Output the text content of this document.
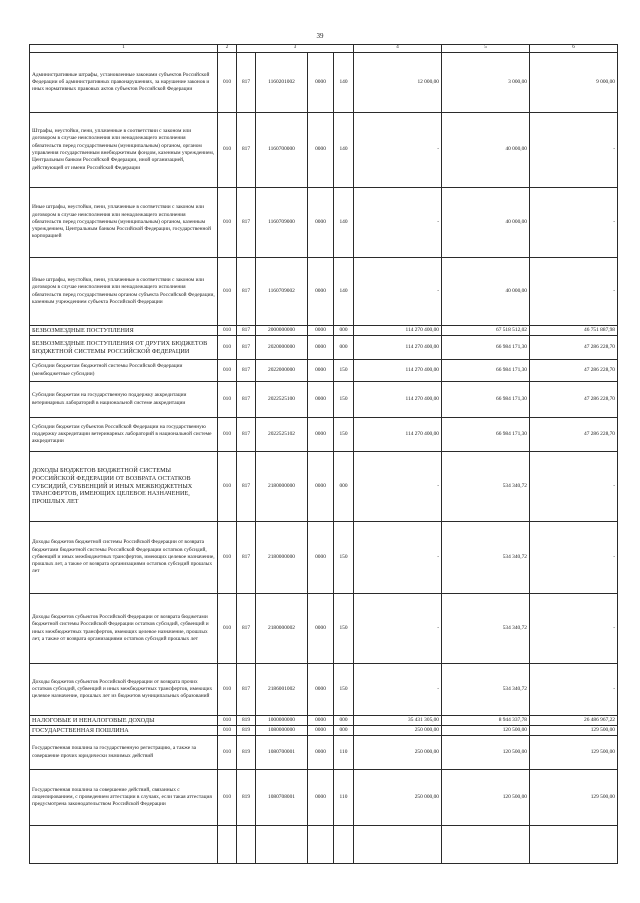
39
1	2	3				4	5	6
Административные штрафы, установленные законами субъектов Российской Федерации об административных правонарушениях, за нарушение законов и иных нормативных правовых актов субъектов Российской Федерации	010	817	1160201002	0000	140	12 000,00	3 000,00	9 000,00
Штрафы, неустойки, пени, уплаченные в соответствии с законом или договором в случае неисполнения или ненадлежащего исполнения обязательств перед государственным (муниципальным) органом, органом управления государственным внебюджетным фондом, казенным учреждением, Центральным банком Российской Федерации, иной организацией, действующей от имени Российской Федерации	010	817	1160700000	0000	140	-	40 000,00	-
Иные штрафы, неустойки, пени, уплаченные в соответствии с законом или договором в случае неисполнения или ненадлежащего исполнения обязательств перед государственным (муниципальным) органом, казенным учреждением, Центральным банком Российской Федерации, государственной корпорацией	010	817	1160709000	0000	140	-	40 000,00	-
Иные штрафы, неустойки, пени, уплаченные в соответствии с законом или договором в случае неисполнения или ненадлежащего исполнения обязательств перед государственным органом субъекта Российской Федерации, казенным учреждением субъекта Российской Федерации	010	817	1160709002	0000	140	-	40 000,00	-
БЕЗВОЗМЕЗДНЫЕ ПОСТУПЛЕНИЯ	010	817	2000000000	0000	000	114 270 400,00	67 518 512,02	46 751 887,98
БЕЗВОЗМЕЗДНЫЕ ПОСТУПЛЕНИЯ ОТ ДРУГИХ БЮДЖЕТОВ БЮДЖЕТНОЙ СИСТЕМЫ РОССИЙСКОЙ ФЕДЕРАЦИИ	010	817	2020000000	0000	000	114 270 400,00	66 984 171,30	47 286 228,70
Субсидии бюджетам бюджетной системы Российской Федерации (межбюджетные субсидии)	010	817	2022000000	0000	150	114 270 400,00	66 984 171,30	47 286 228,70
Субсидии бюджетам на государственную поддержку аккредитации ветеринарных лабораторий в национальной системе аккредитации	010	817	2022525100	0000	150	114 270 400,00	66 984 171,30	47 286 228,70
Субсидии бюджетам субъектов Российской Федерации на государственную поддержку аккредитации ветеринарных лабораторий в национальной системе аккредитации	010	817	2022525102	0000	150	114 270 400,00	66 984 171,30	47 286 228,70
ДОХОДЫ БЮДЖЕТОВ БЮДЖЕТНОЙ СИСТЕМЫ РОССИЙСКОЙ ФЕДЕРАЦИИ ОТ ВОЗВРАТА ОСТАТКОВ СУБСИДИЙ, СУБВЕНЦИЙ И ИНЫХ МЕЖБЮДЖЕТНЫХ ТРАНСФЕРТОВ, ИМЕЮЩИХ ЦЕЛЕВОЕ НАЗНАЧЕНИЕ, ПРОШЛЫХ ЛЕТ	010	817	2180000000	0000	000	-	534 340,72	-
Доходы бюджетов бюджетной системы Российской Федерации от возврата бюджетами бюджетной системы Российской Федерации остатков субсидий, субвенций и иных межбюджетных трансфертов, имеющих целевое назначение, прошлых лет, а также от возврата организациями остатков субсидий прошлых лет	010	817	2180000000	0000	150	-	534 340,72	-
Доходы бюджетов субъектов Российской Федерации от возврата бюджетами бюджетной системы Российской Федерации остатков субсидий, субвенций и иных межбюджетных трансфертов, имеющих целевое назначение, прошлых лет, а также от возврата организациями остатков субсидий прошлых лет	010	817	2180000002	0000	150	-	534 340,72	-
Доходы бюджетов субъектов Российской Федерации от возврата прочих остатков субсидий, субвенций и иных межбюджетных трансфертов, имеющих целевое назначение, прошлых лет из бюджетов муниципальных образований	010	817	2186001002	0000	150	-	534 340,72	-
НАЛОГОВЫЕ И НЕНАЛОГОВЫЕ ДОХОДЫ	010	819	1000000000	0000	000	35 431 305,00	8 944 337,78	26 486 967,22
ГОСУДАРСТВЕННАЯ ПОШЛИНА	010	819	1080000000	0000	000	250 000,00	120 500,00	129 500,00
Государственная пошлина за государственную регистрацию, а также за совершение прочих юридически значимых действий	010	819	1080700001	0000	110	250 000,00	120 500,00	129 500,00
Государственная пошлина за совершение действий, связанных с лицензированием, с проведением аттестации в случаях, если такая аттестация предусмотрена законодательством Российской Федерации	010	819	1080708001	0000	110	250 000,00	120 500,00	129 500,00
